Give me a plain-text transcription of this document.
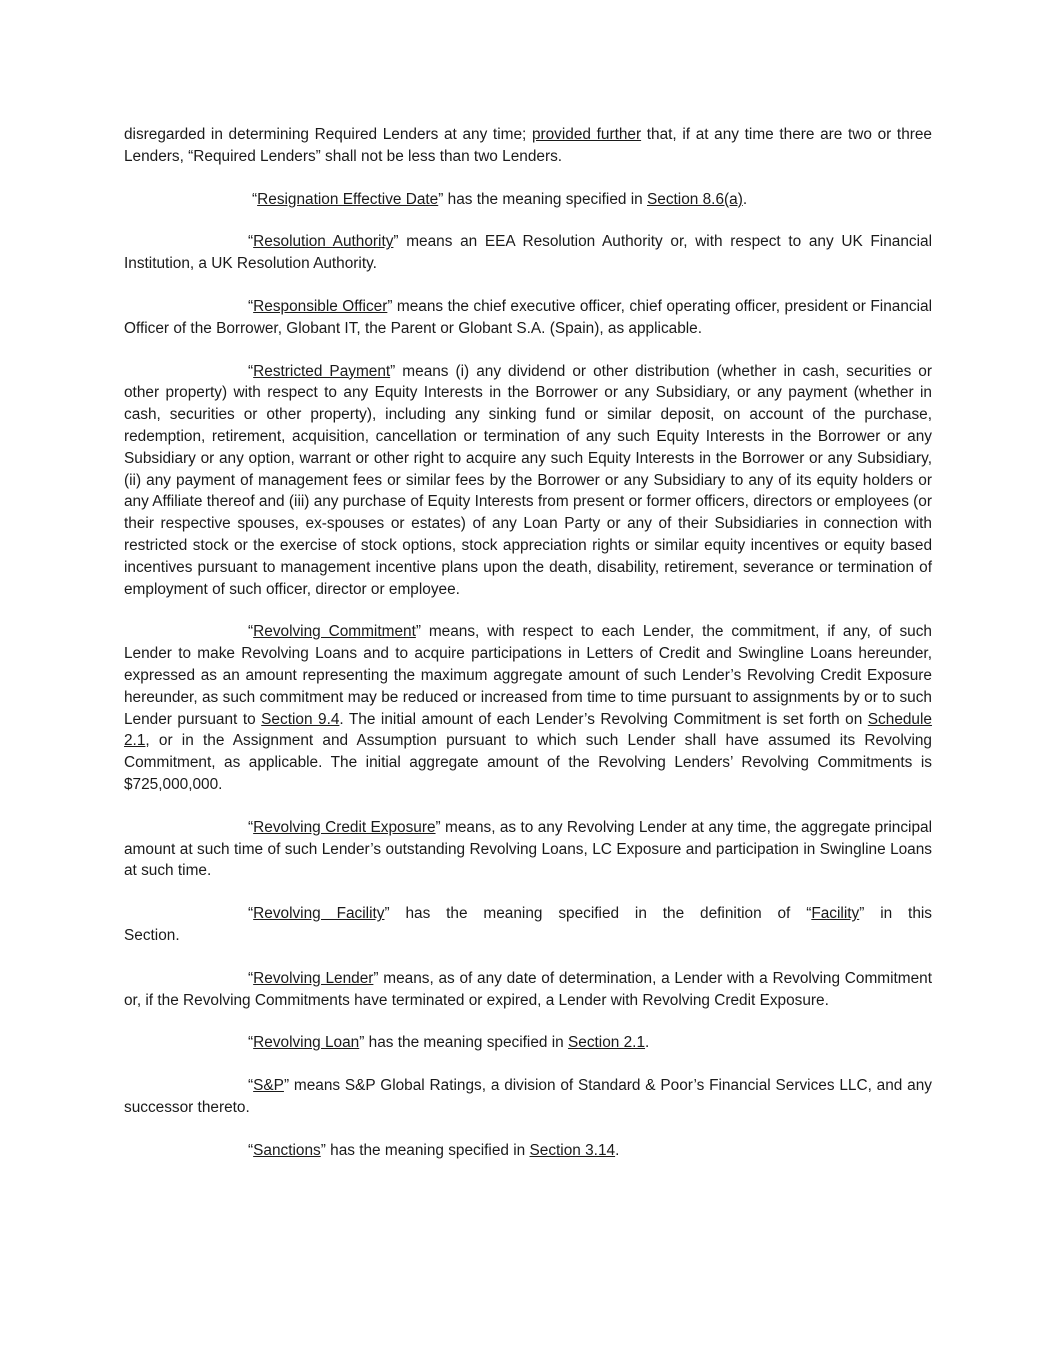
disregarded in determining Required Lenders at any time; provided further that, if at any time there are two or three Lenders, “Required Lenders” shall not be less than two Lenders.

“Resignation Effective Date” has the meaning specified in Section 8.6(a).

“Resolution Authority” means an EEA Resolution Authority or, with respect to any UK Financial Institution, a UK Resolution Authority.

“Responsible Officer” means the chief executive officer, chief operating officer, president or Financial Officer of the Borrower, Globant IT, the Parent or Globant S.A. (Spain), as applicable.

“Restricted Payment” means (i) any dividend or other distribution (whether in cash, securities or other property) with respect to any Equity Interests in the Borrower or any Subsidiary, or any payment (whether in cash, securities or other property), including any sinking fund or similar deposit, on account of the purchase, redemption, retirement, acquisition, cancellation or termination of any such Equity Interests in the Borrower or any Subsidiary or any option, warrant or other right to acquire any such Equity Interests in the Borrower or any Subsidiary, (ii) any payment of management fees or similar fees by the Borrower or any Subsidiary to any of its equity holders or any Affiliate thereof and (iii) any purchase of Equity Interests from present or former officers, directors or employees (or their respective spouses, ex-spouses or estates) of any Loan Party or any of their Subsidiaries in connection with restricted stock or the exercise of stock options, stock appreciation rights or similar equity incentives or equity based incentives pursuant to management incentive plans upon the death, disability, retirement, severance or termination of employment of such officer, director or employee.

“Revolving Commitment” means, with respect to each Lender, the commitment, if any, of such Lender to make Revolving Loans and to acquire participations in Letters of Credit and Swingline Loans hereunder, expressed as an amount representing the maximum aggregate amount of such Lender’s Revolving Credit Exposure hereunder, as such commitment may be reduced or increased from time to time pursuant to assignments by or to such Lender pursuant to Section 9.4. The initial amount of each Lender’s Revolving Commitment is set forth on Schedule 2.1, or in the Assignment and Assumption pursuant to which such Lender shall have assumed its Revolving Commitment, as applicable. The initial aggregate amount of the Revolving Lenders’ Revolving Commitments is $725,000,000.

“Revolving Credit Exposure” means, as to any Revolving Lender at any time, the aggregate principal amount at such time of such Lender’s outstanding Revolving Loans, LC Exposure and participation in Swingline Loans at such time.

“Revolving Facility” has the meaning specified in the definition of “Facility” in this

Section.

“Revolving Lender” means, as of any date of determination, a Lender with a Revolving Commitment or, if the Revolving Commitments have terminated or expired, a Lender with Revolving Credit Exposure.

“Revolving Loan” has the meaning specified in Section 2.1.

“S&P” means S&P Global Ratings, a division of Standard & Poor’s Financial Services LLC, and any successor thereto.

“Sanctions” has the meaning specified in Section 3.14.
